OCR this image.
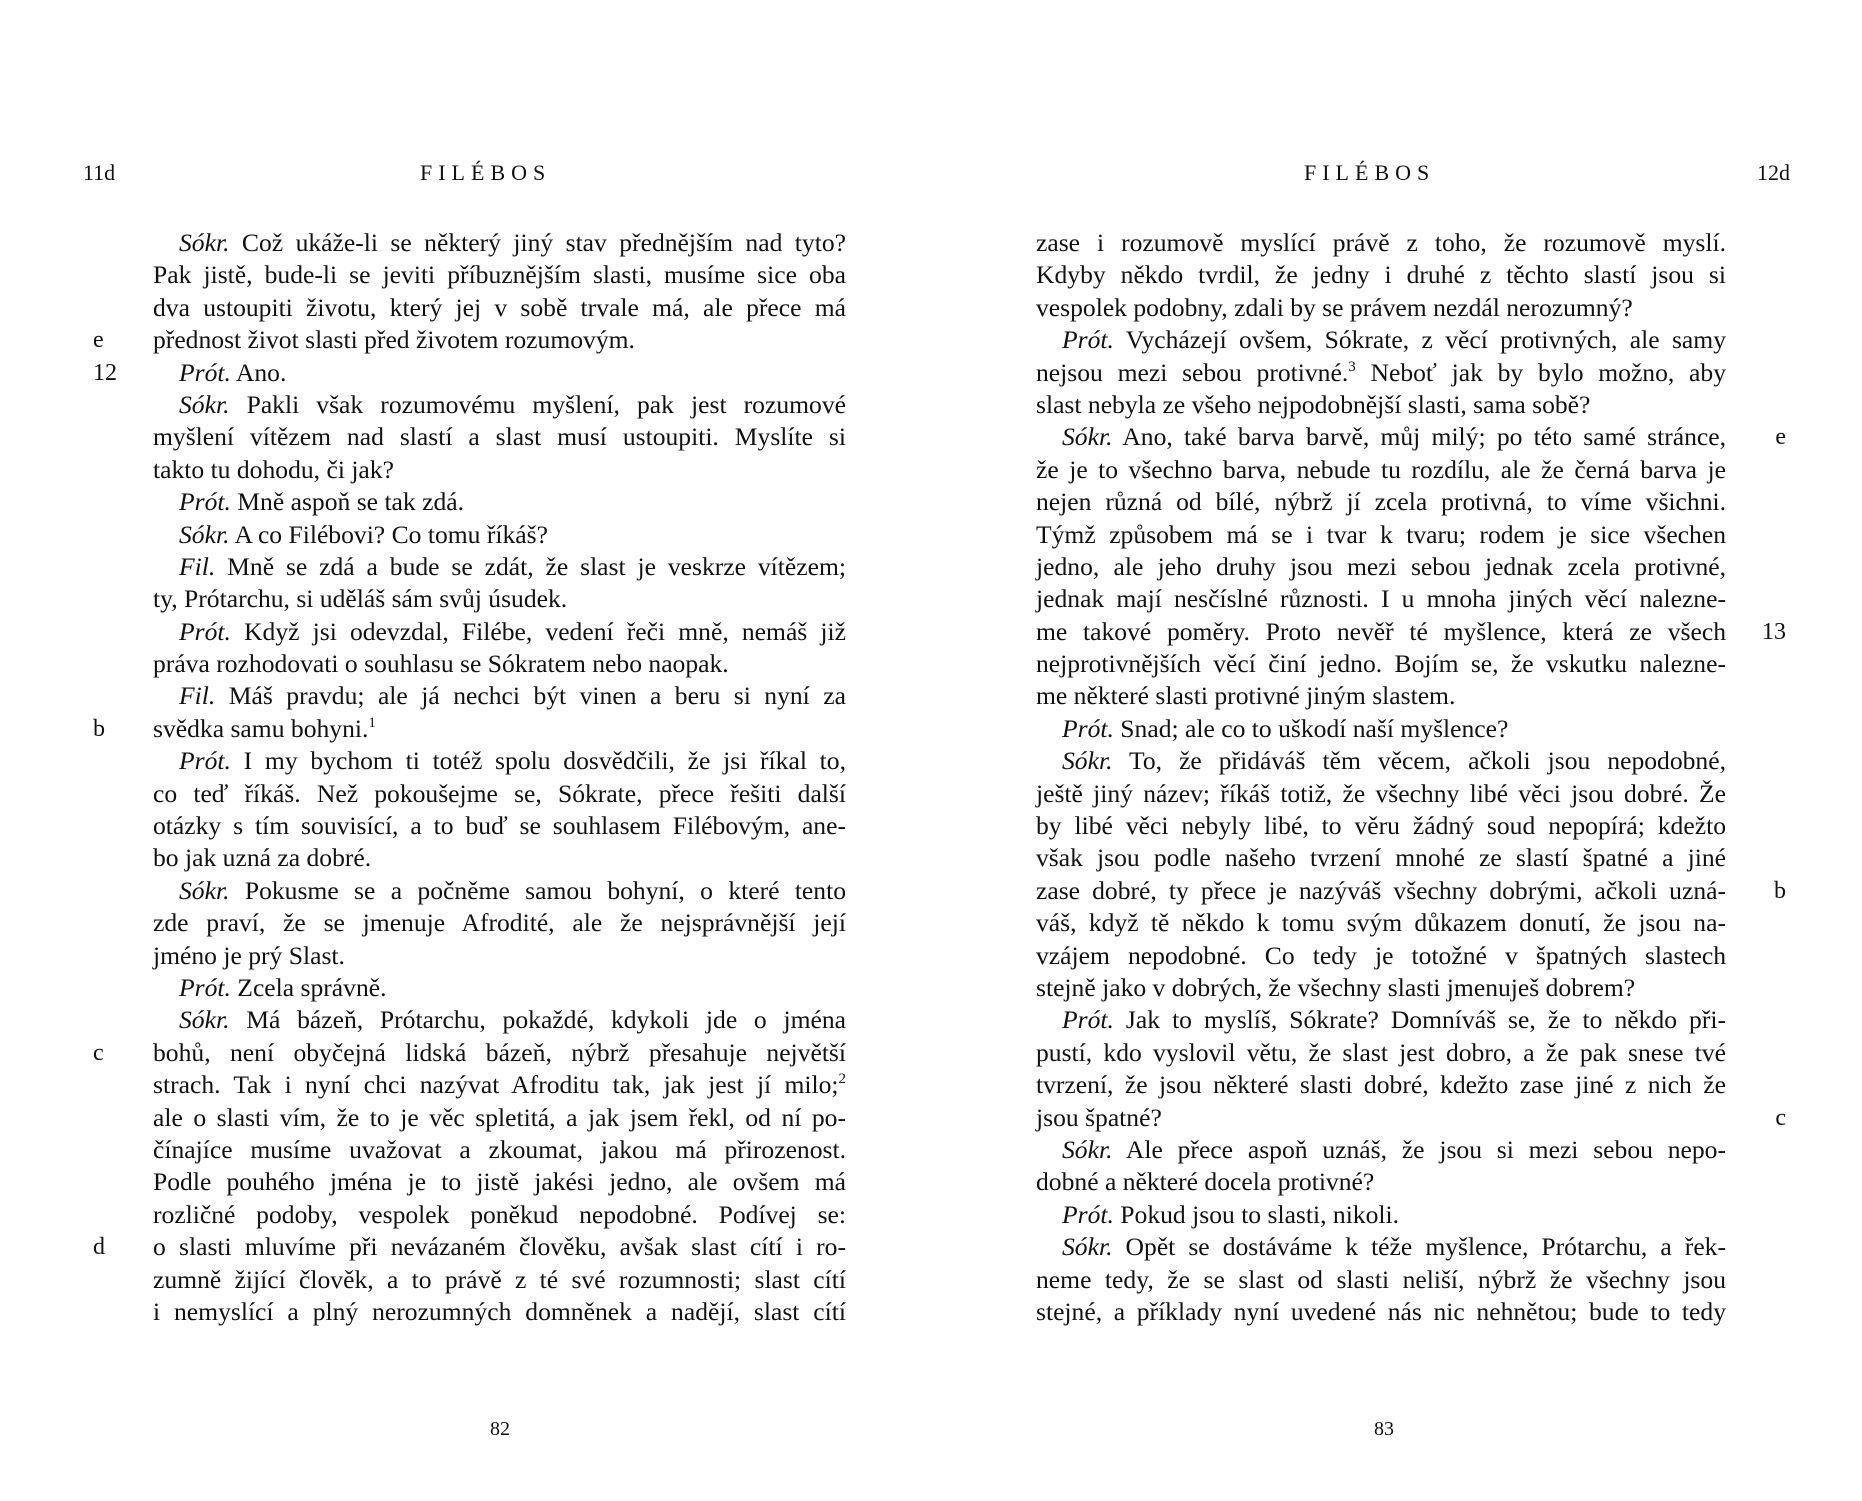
11d	FILÉBOS
Sókr. Což ukáže-li se některý jiný stav přednějším nad tyto?
Pak jistě, bude-li se jeviti příbuznějším slasti, musíme sice oba
dva ustoupiti životu, který jej v sobě trvale má, ale přece má
e přednost život slasti před životem rozumovým.
12	Prót. Ano.
Sókr. Pakli však rozumovému myšlení, pak jest rozumové
myšlení vítězem nad slastí a slast musí ustoupiti. Myslíte si
takto tu dohodu, či jak?
Prót. Mně aspoň se tak zdá.
Sókr. A co Filébovi? Co tomu říkáš?
Fil. Mně se zdá a bude se zdát, že slast je veskrze vítězem;
ty, Prótarchu, si uděláš sám svůj úsudek.
Prót. Když jsi odevzdal, Filébe, vedení řeči mně, nemáš již
práva rozhodovati o souhlasu se Sókratem nebo naopak.
Fil. Máš pravdu; ale já nechci být vinen a beru si nyní za
b svědka samu bohyni.$^1$
Prót. I my bychom ti totéž spolu dosvědčili, že jsi říkal to,
co teď říkáš. Než pokoušejme se, Sókrate, přece řešiti další
otázky s tím souvisící, a to buď se souhlasem Filébovým, ane-
bo jak uzná za dobré.
Sókr. Pokusme se a počněme samou bohyní, o které tento
zde praví, že se jmenuje Afrodité, ale že nejsprávnější její
jméno je prý Slast.
Prót. Zcela správně.
Sókr. Má bázeň, Prótarchu, pokaždé, kdykoli jde o jména
c bohů, není obyčejná lidská bázeň, nýbrž přesahuje největší
strach. Tak i nyní chci nazývat Afroditu tak, jak jest jí milo;$^2$
ale o slasti vím, že to je věc spletitá, a jak jsem řekl, od ní po-
čínajíce musíme uvažovat a zkoumat, jakou má přirozenost.
Podle pouhého jména je to jistě jakési jedno, ale ovšem má
rozličné podoby, vespolek poněkud nepodobné. Podívej se:
d o slasti mluvíme při nevázaném člověku, avšak slast cítí i ro-
zumně žijící člověk, a to právě z té své rozumnosti; slast cítí
i nemyslící a plný nerozumných domněnek a nadějí, slast cítí
82
FILÉBOS	12d
zase i rozumově myslící právě z toho, že rozumově myslí.
Kdyby někdo tvrdil, že jedny i druhé z těchto slastí jsou si
vespolek podobny, zdali by se právem nezdál nerozumný?
Prót. Vycházejí ovšem, Sókrate, z věcí protivných, ale samy
nejsou mezi sebou protivné.$^3$ Neboť jak by bylo možno, aby
slast nebyla ze všeho nejpodobnější slasti, sama sobě?
e
Sókr. Ano, také barva barvě, můj milý; po této samé stránce,
že je to všechno barva, nebude tu rozdílu, ale že černá barva je
nejen různá od bílé, nýbrž jí zcela protivná, to víme všichni.
Týmž způsobem má se i tvar k tvaru; rodem je sice všechen
jedno, ale jeho druhy jsou mezi sebou jednak zcela protivné,
jednak mají nesčíslné různosti. I u mnoha jiných věcí nalezne-
13
me takové poměry. Proto nevěř té myšlence, která ze všech
nejprotivnějších věcí činí jedno. Bojím se, že vskutku nalezne-
me některé slasti protivné jiným slastem.
Prót. Snad; ale co to uškodí naší myšlence?
Sókr. To, že přidáváš těm věcem, ačkoli jsou nepodobné,
ještě jiný název; říkáš totiž, že všechny libé věci jsou dobré. Že
by libé věci nebyly libé, to věru žádný soud nepopírá; kdežto
však jsou podle našeho tvrzení mnohé ze slastí špatné a jiné
b
zase dobré, ty přece je nazýváš všechny dobrými, ačkoli uzná-
váš, když tě někdo k tomu svým důkazem donutí, že jsou na-
vzájem nepodobné. Co tedy je totožné v špatných slastech
stejně jako v dobrých, že všechny slasti jmenuješ dobrem?
Prót. Jak to myslíš, Sókrate? Domníváš se, že to někdo při-
pustí, kdo vyslovil větu, že slast jest dobro, a že pak snese tvé
tvrzení, že jsou některé slasti dobré, kdežto zase jiné z nich že
c
jsou špatné?
Sókr. Ale přece aspoň uznáš, že jsou si mezi sebou nepo-
dobné a některé docela protivné?
Prót. Pokud jsou to slasti, nikoli.
Sókr. Opět se dostáváme k téže myšlence, Prótarchu, a řek-
neme tedy, že se slast od slasti neliší, nýbrž že všechny jsou
stejné, a příklady nyní uvedené nás nic nehnětou; bude to tedy
83
